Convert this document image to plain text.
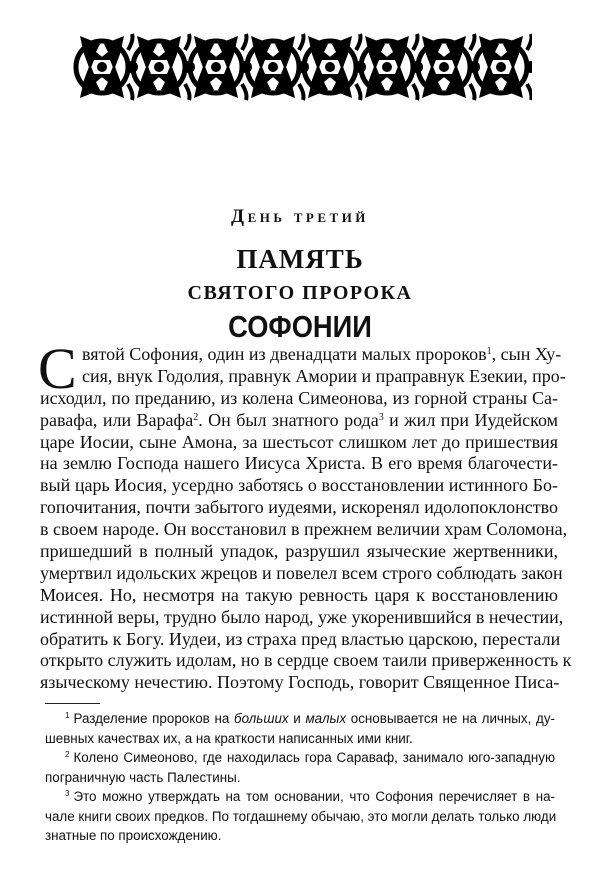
День третий
ПАМЯТЬ
СВЯТОГО ПРОРОКА
СОФОНИИ
С вятой Софония, один из двенадцати малых пророков$^1$, сын Ху-
сия, внук Годолия, правнук Амории и праправнук Езекии, про-
исходил, по преданию, из колена Симеонова, из горной страны Са-
равафа, или Варафа$^2$. Он был знатного рода$^3$ и жил при Иудейском
царе Иосии, сыне Амона, за шестьсот слишком лет до пришествия
на землю Господа нашего Иисуса Христа. В его время благочести-
вый царь Иосия, усердно заботясь о восстановлении истинного Бо-
гопочитания, почти забытого иудеями, искоренял идолопоклонство
в своем народе. Он восстановил в прежнем величии храм Соломона,
пришедший в полный упадок, разрушил языческие жертвенники,
умертвил идольских жрецов и повелел всем строго соблюдать закон
Моисея. Но, несмотря на такую ревность царя к восстановлению
истинной веры, трудно было народ, уже укоренившийся в нечестии,
обратить к Богу. Иудеи, из страха пред властью царскою, перестали
открыто служить идолам, но в сердце своем таили приверженность к
языческому нечестию. Поэтому Господь, говорит Священное Писа-
$^1$ Разделение пророков на больших и малых основывается не на личных, ду-
шевных качествах их, а на краткости написанных ими книг.
$^2$ Колено Симеоново, где находилась гора Сараваф, занимало юго-западную
пограничную часть Палестины.
$^3$ Это можно утверждать на том основании, что Софония перечисляет в на-
чале книги своих предков. По тогдашнему обычаю, это могли делать только люди
знатные по происхождению.
